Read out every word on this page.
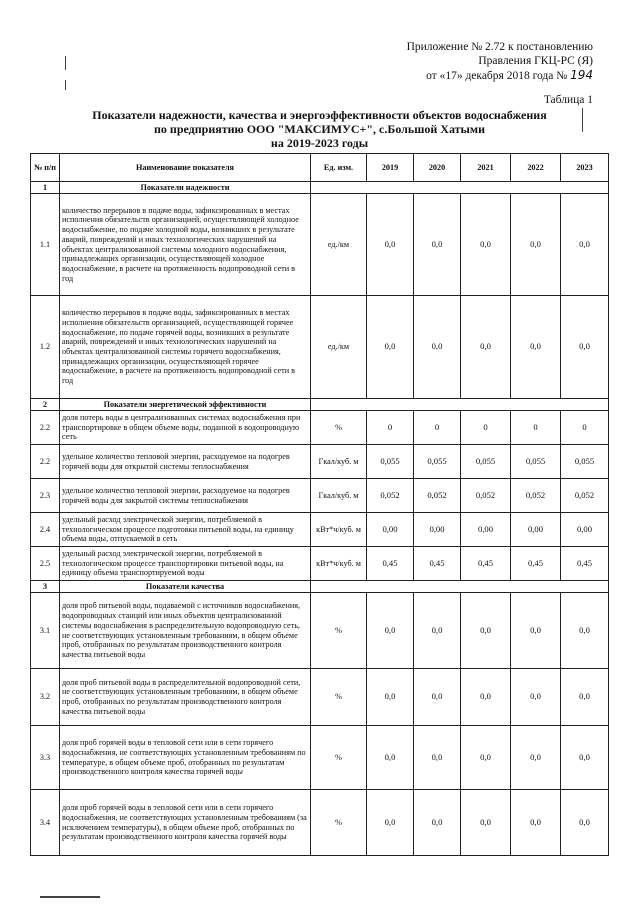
Приложение № 2.72 к постановлению
Правления ГКЦ-РС (Я)
от «17» декабря 2018 года № 194
Таблица 1
Показатели надежности, качества и энергоэффективности объектов водоснабжения
по предприятию ООО "МАКСИМУС+", с.Большой Хатыми
на 2019-2023 годы
№ п/п	Наименование показателя	Ед. изм.	2019	2020	2021	2022	2023
1	Показатели надежности						
1.1	количество перерывов в подаче воды, зафиксированных в местах исполнения обязательств организацией, осуществляющей холодное водоснабжение, по подаче холодной воды, возникших в результате аварий, повреждений и иных технологических нарушений на объектах централизованной системы холодного водоснабжения, принадлежащих организации, осуществляющей холодное водоснабжение, в расчете на протяженность водопроводной сети в год	ед./км	0,0	0,0	0,0	0,0	0,0
1.2	количество перерывов в подаче воды, зафиксированных в местах исполнения обязательств организацией, осуществляющей горячее водоснабжение, по подаче горячей воды, возникших в результате аварий, повреждений и иных технологических нарушений на объектах централизованной системы горячего водоснабжения, принадлежащих организации, осуществляющей горячее водоснабжение, в расчете на протяженность водопроводной сети в год	ед./км	0,0	0,0	0,0	0,0	0,0
2	Показатели энергетической эффективности						
2.2	доля потерь воды в централизованных системах водоснабжения при транспортировке в общем объеме воды, поданной в водопроводную сеть	%	0	0	0	0	0
2.2	удельное количество тепловой энергии, расходуемое на подогрев горячей воды для открытой системы теплоснабжения	Гкал/куб. м	0,055	0,055	0,055	0,055	0,055
2.3	удельное количество тепловой энергии, расходуемое на подогрев горячей воды для закрытой системы теплоснабжения	Гкал/куб. м	0,052	0,052	0,052	0,052	0,052
2.4	удельный расход электрической энергии, потребляемой в технологическом процессе подготовки питьевой воды, на единицу объема воды, отпускаемой в сеть	кВт*ч/куб. м	0,00	0,00	0,00	0,00	0,00
2.5	удельный расход электрической энергии, потребляемой в технологическом процессе транспортировки питьевой воды, на единицу объема транспортируемой воды	кВт*ч/куб. м	0,45	0,45	0,45	0,45	0,45
3	Показатели качества						
3.1	доля проб питьевой воды, подаваемой с источников водоснабжения, водопроводных станций или иных объектов централизованной системы водоснабжения в распределительную водопроводную сеть, не соответствующих установленным требованиям, в общем объеме проб, отобранных по результатам производственного контроля качества питьевой воды	%	0,0	0,0	0,0	0,0	0,0
3.2	доля проб питьевой воды в распределительной водопроводной сети, не соответствующих установленным требованиям, в общем объеме проб, отобранных по результатам производственного контроля качества питьевой воды	%	0,0	0,0	0,0	0,0	0,0
3.3	доля проб горячей воды в тепловой сети или в сети горячего водоснабжения, не соответствующих установленным требованиям по температуре, в общем объеме проб, отобранных по результатам производственного контроля качества горячей воды	%	0,0	0,0	0,0	0,0	0,0
3.4	доля проб горячей воды в тепловой сети или в сети горячего водоснабжения, не соответствующих установленным требованиям (за исключением температуры), в общем объеме проб, отобранных по результатам производственного контроля качества горячей воды	%	0,0	0,0	0,0	0,0	0,0
